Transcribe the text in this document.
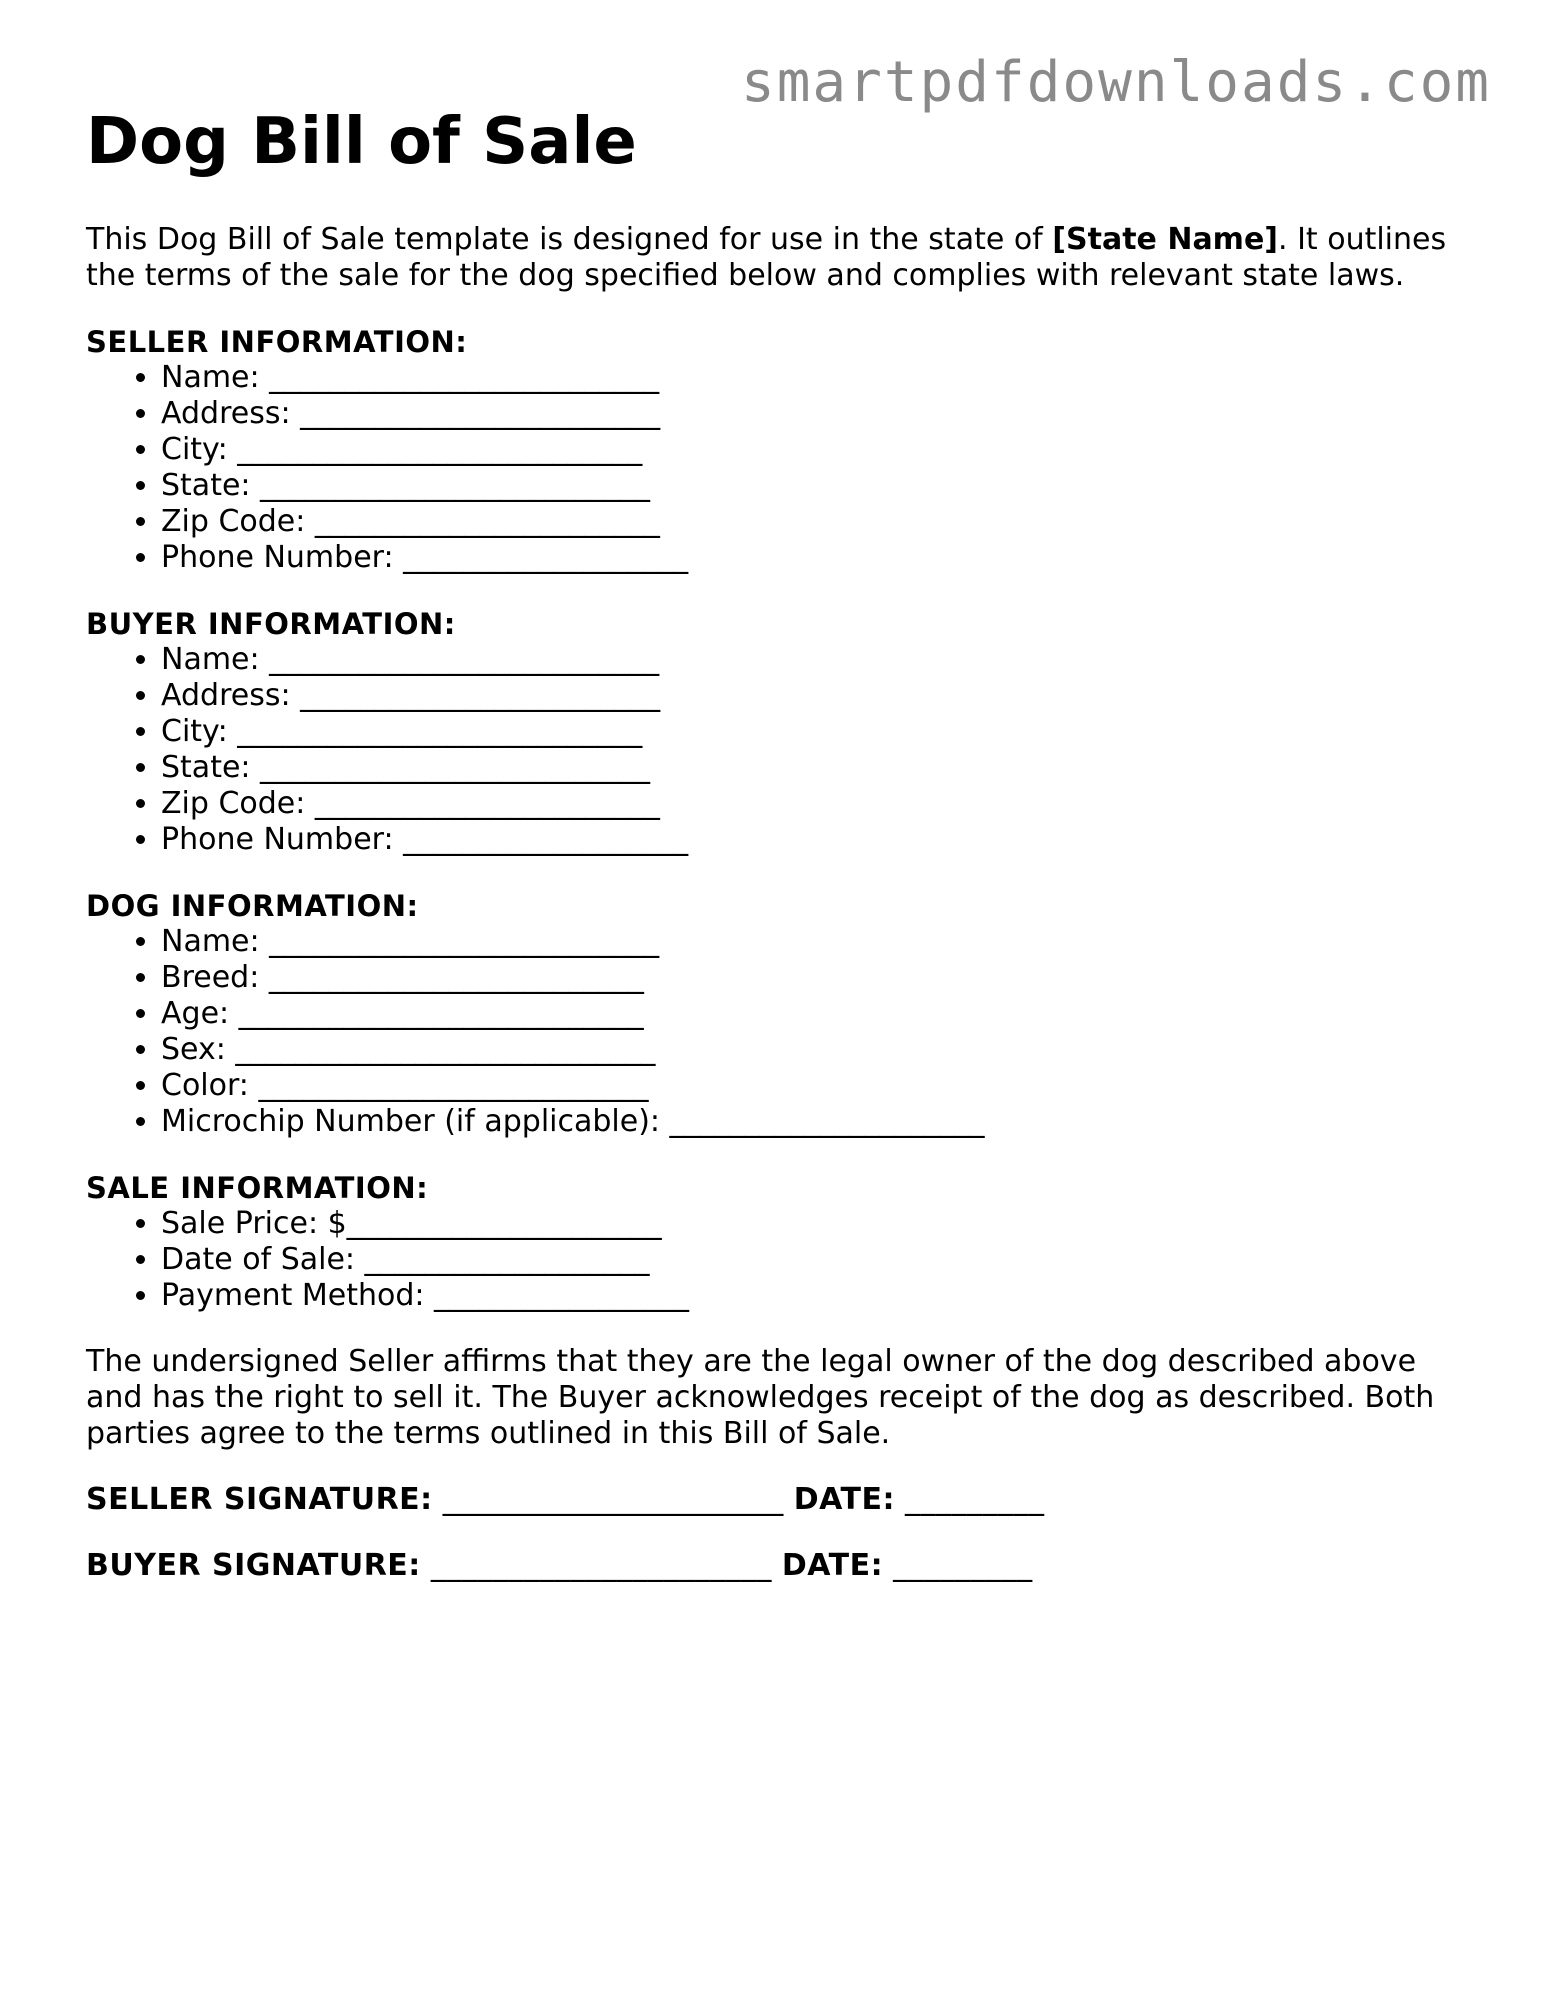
smartpdfdownloads.com
Dog Bill of Sale

This Dog Bill of Sale template is designed for use in the state of [State Name]. It outlines the terms of the sale for the dog specified below and complies with relevant state laws.

SELLER INFORMATION:

• Name: __________________________
• Address: ________________________
• City: ___________________________
• State: __________________________
• Zip Code: _______________________
• Phone Number: ___________________

BUYER INFORMATION:

• Name: __________________________
• Address: ________________________
• City: ___________________________
• State: __________________________
• Zip Code: _______________________
• Phone Number: ___________________

DOG INFORMATION:

• Name: __________________________
• Breed: _________________________
• Age: ___________________________
• Sex: ____________________________
• Color: __________________________
• Microchip Number (if applicable): _____________________

SALE INFORMATION:

• Sale Price: $_____________________
• Date of Sale: ___________________
• Payment Method: _________________

The undersigned Seller affirms that they are the legal owner of the dog described above and has the right to sell it. The Buyer acknowledges receipt of the dog as described. Both parties agree to the terms outlined in this Bill of Sale.

SELLER SIGNATURE: ______________________ DATE: _________

BUYER SIGNATURE: ______________________ DATE: _________
